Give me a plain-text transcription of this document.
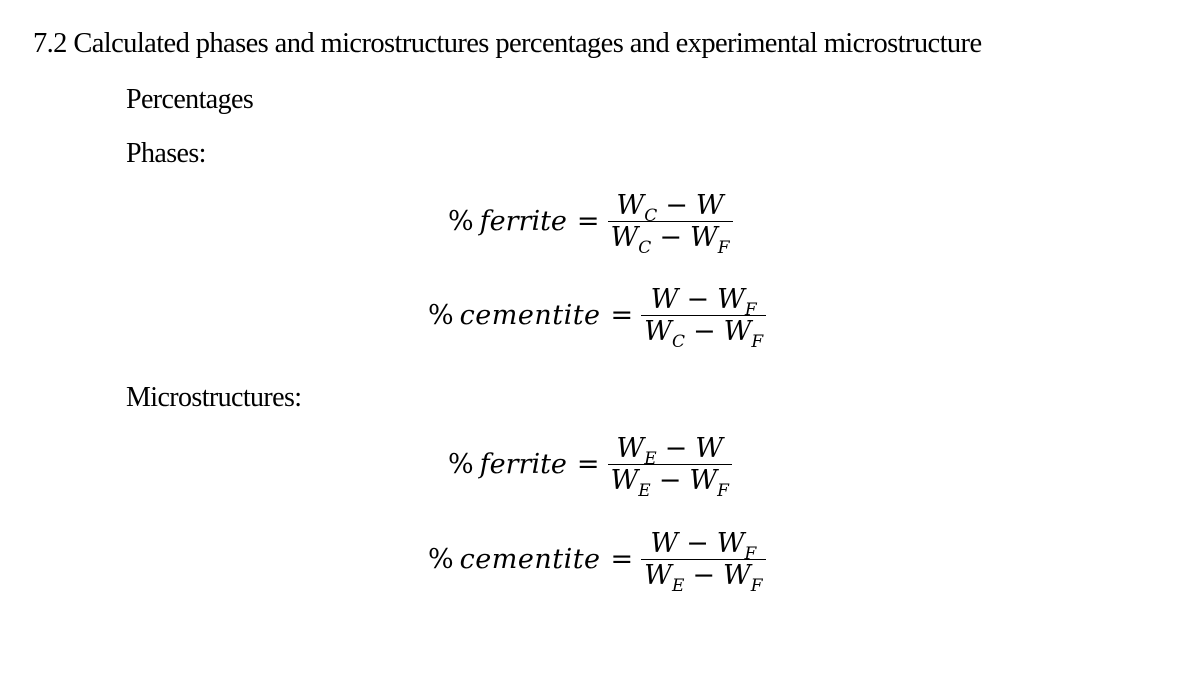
7.2 Calculated phases and microstructures percentages and experimental microstructure
Percentages
Phases:
% ferrite = $\frac{\text{W C − W}}{\text{W C − W F}}$
% cementite = $\frac{\text{W − W F}}{\text{W C − W F}}$
Microstructures:
% ferrite = $\frac{\text{W E − W}}{\text{W E − W F}}$
% cementite = $\frac{\text{W − W F}}{\text{W E − W F}}$
